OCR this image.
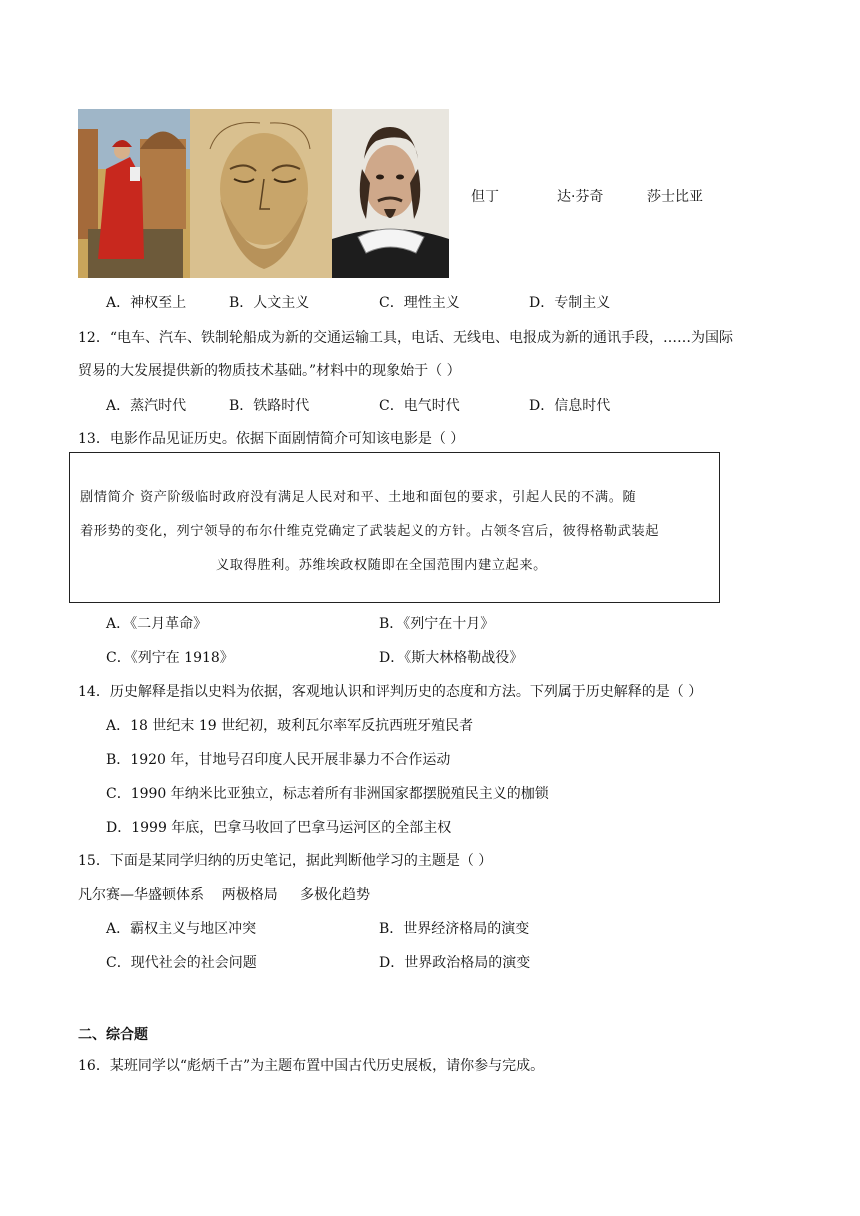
但丁	达·芬奇	莎士比亚
A．神权至上	B．人文主义	C．理性主义	D．专制主义
12．“电车、汽车、铁制轮船成为新的交通运输工具，电话、无线电、电报成为新的通讯手段，……为国际
贸易的大发展提供新的物质技术基础。”材料中的现象始于（ ）
A．蒸汽时代	B．铁路时代	C．电气时代	D．信息时代
13．电影作品见证历史。依据下面剧情简介可知该电影是（ ）
剧情简介 资产阶级临时政府没有满足人民对和平、土地和面包的要求，引起人民的不满。随
着形势的变化，列宁领导的布尔什维克党确定了武装起义的方针。占领冬宫后，彼得格勒武装起
义取得胜利。苏维埃政权随即在全国范围内建立起来。
A．《二月革命》	B．《列宁在十月》
C．《列宁在 1918》	D．《斯大林格勒战役》
14．历史解释是指以史料为依据，客观地认识和评判历史的态度和方法。下列属于历史解释的是（ ）
A．18 世纪末 19 世纪初，玻利瓦尔率军反抗西班牙殖民者
B．1920 年，甘地号召印度人民开展非暴力不合作运动
C．1990 年纳米比亚独立，标志着所有非洲国家都摆脱殖民主义的枷锁
D．1999 年底，巴拿马收回了巴拿马运河区的全部主权
15．下面是某同学归纳的历史笔记，据此判断他学习的主题是（ ）
凡尔赛—华盛顿体系    两极格局     多极化趋势
A．霸权主义与地区冲突	B．世界经济格局的演变
C．现代社会的社会问题	D．世界政治格局的演变
二、综合题
16．某班同学以“彪炳千古”为主题布置中国古代历史展板，请你参与完成。
